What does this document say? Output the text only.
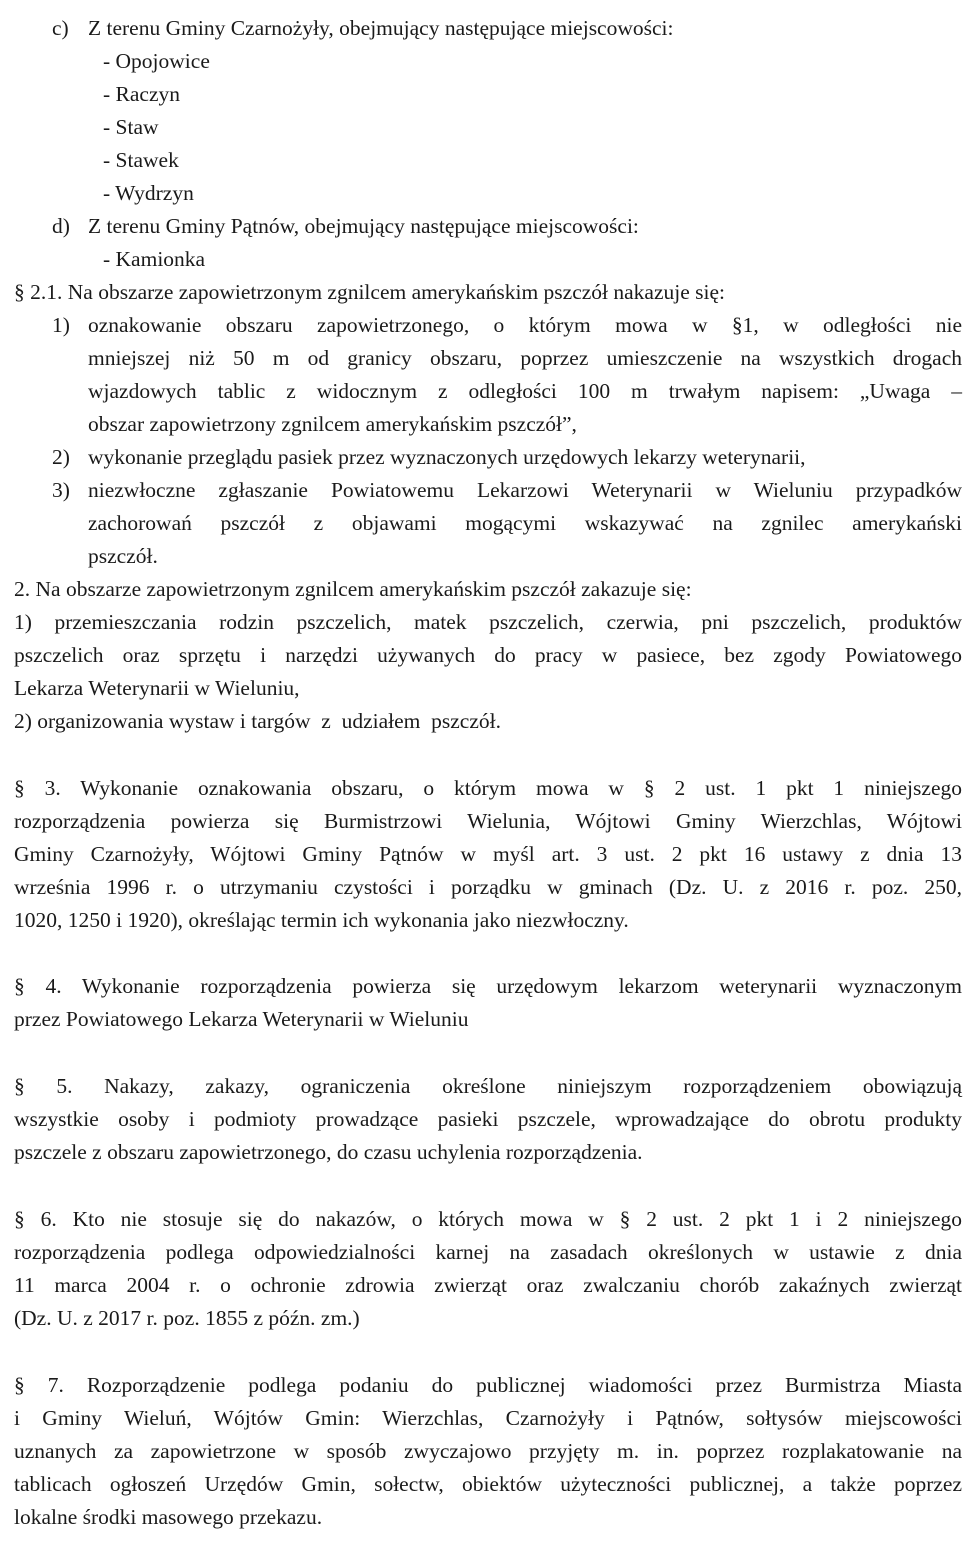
c) Z terenu Gminy Czarnożyły, obejmujący następujące miejscowości:
- Opojowice
- Raczyn
- Staw
- Stawek
- Wydrzyn
d) Z terenu Gminy Pątnów, obejmujący następujące miejscowości:
- Kamionka
§ 2.1. Na obszarze zapowietrzonym zgnilcem amerykańskim pszczół nakazuje się:
1) oznakowanie obszaru zapowietrzonego, o którym mowa w §1, w odległości nie
mniejszej niż 50 m od granicy obszaru, poprzez umieszczenie na wszystkich drogach
wjazdowych tablic z widocznym z odległości 100 m trwałym napisem: „Uwaga –
obszar zapowietrzony zgnilcem amerykańskim pszczół”,
2) wykonanie przeglądu pasiek przez wyznaczonych urzędowych lekarzy weterynarii,
3) niezwłoczne zgłaszanie Powiatowemu Lekarzowi Weterynarii w Wieluniu przypadków
zachorowań pszczół z objawami mogącymi wskazywać na zgnilec amerykański
pszczół.
2. Na obszarze zapowietrzonym zgnilcem amerykańskim pszczół zakazuje się:
1) przemieszczania rodzin pszczelich, matek pszczelich, czerwia, pni pszczelich, produktów
pszczelich oraz sprzętu i narzędzi używanych do pracy w pasiece, bez zgody Powiatowego
Lekarza Weterynarii w Wieluniu,
2) organizowania wystaw i targów  z  udziałem  pszczół.
§ 3. Wykonanie oznakowania obszaru, o którym mowa w § 2 ust. 1 pkt 1 niniejszego
rozporządzenia powierza się Burmistrzowi Wielunia, Wójtowi Gminy Wierzchlas, Wójtowi
Gminy Czarnożyły, Wójtowi Gminy Pątnów w myśl art. 3 ust. 2 pkt 16 ustawy z dnia 13
września 1996 r. o utrzymaniu czystości i porządku w gminach (Dz. U. z 2016 r. poz. 250,
1020, 1250 i 1920), określając termin ich wykonania jako niezwłoczny.
§ 4. Wykonanie rozporządzenia powierza się urzędowym lekarzom weterynarii wyznaczonym
przez Powiatowego Lekarza Weterynarii w Wieluniu
§ 5. Nakazy, zakazy, ograniczenia określone niniejszym rozporządzeniem obowiązują
wszystkie osoby i podmioty prowadzące pasieki pszczele, wprowadzające do obrotu produkty
pszczele z obszaru zapowietrzonego, do czasu uchylenia rozporządzenia.
§ 6. Kto nie stosuje się do nakazów, o których mowa w § 2 ust. 2 pkt 1 i 2 niniejszego
rozporządzenia podlega odpowiedzialności karnej na zasadach określonych w ustawie z dnia
11 marca 2004 r. o ochronie zdrowia zwierząt oraz zwalczaniu chorób zakaźnych zwierząt
(Dz. U. z 2017 r. poz. 1855 z późn. zm.)
§ 7. Rozporządzenie podlega podaniu do publicznej wiadomości przez Burmistrza Miasta
i Gminy Wieluń, Wójtów Gmin: Wierzchlas, Czarnożyły i Pątnów, sołtysów miejscowości
uznanych za zapowietrzone w sposób zwyczajowo przyjęty m. in. poprzez rozplakatowanie na
tablicach ogłoszeń Urzędów Gmin, sołectw, obiektów użyteczności publicznej, a także poprzez
lokalne środki masowego przekazu.
